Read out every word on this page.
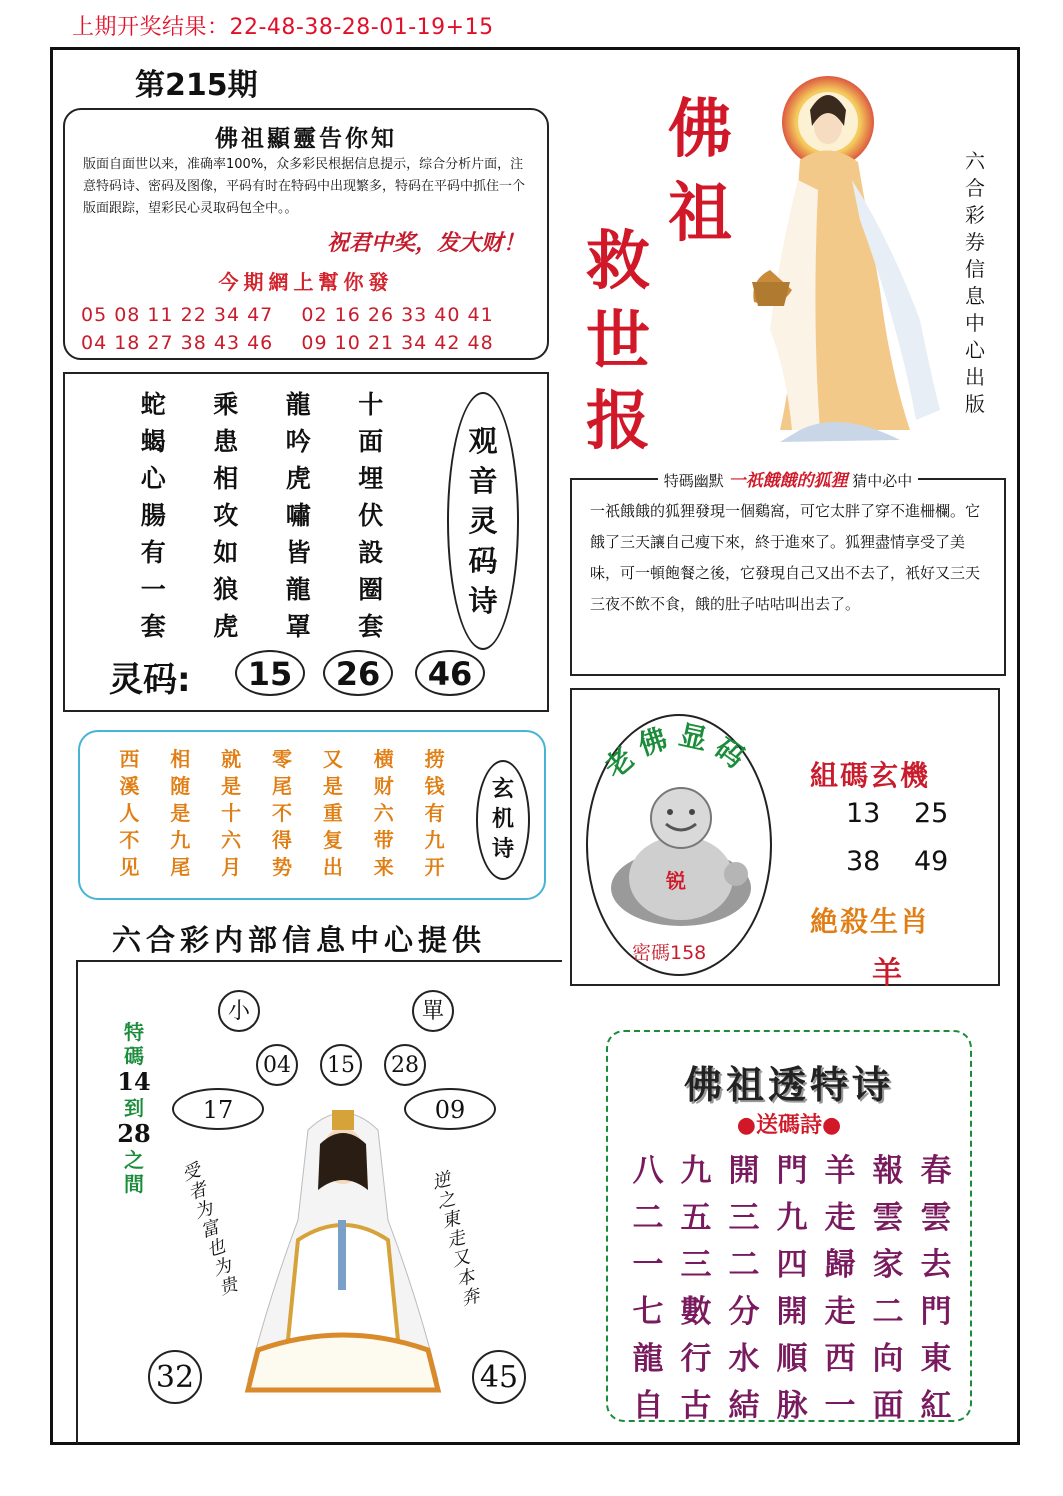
上期开奖结果：22-48-38-28-01-19+15
第215期
佛祖顯靈告你知
版面自面世以来，准确率100%，众多彩民根据信息提示，综合分析片面，注意特码诗、密码及图像，平码有时在特码中出现繁多，特码在平码中抓住一个版面跟踪，望彩民心灵取码包全中。。
祝君中奖，发大财！
今期網上幫你發
05 08 11 22 34 47    02 16 26 33 40 41
04 18 27 38 43 46    09 10 21 34 42 48
佛
祖
救
世
报
六合彩券信息中心出版
蛇	乘	龍	十
蝎	患	吟	面
心	相	虎	埋
腸	攻	嘯	伏
有	如	皆	設
一	狼	龍	圈
套	虎	罩	套
观
音
灵
码
诗
灵码:	15	26	46
特碼幽默 一祇餓餓的狐狸 猜中必中
一祇餓餓的狐狸發現一個鷄窩，可它太胖了穿不進柵欄。它餓了三天讓自己瘦下來，終于進來了。狐狸盡情享受了美味，可一頓飽餐之後，它發現自己又出不去了，衹好又三天三夜不飲不食，餓的肚子咕咕叫出去了。
老佛显码
锐
密碼158
組碼玄機
13 25
38 49
絶殺生肖
羊
西	相	就	零	又	横	捞
溪	随	是	尾	是	财	钱
人	是	十	不	重	六	有
不	九	六	得	复	带	九
见	尾	月	势	出	来	开
玄
机
诗
六合彩内部信息中心提供
小	單
04	15	28
17	09
特
碼
14
到
28
之
間	受者为富也为贵
逆之東走又本奔
32	45
佛祖透特诗
●送碼詩●
八 九 開 門 羊 報 春
二 五 三 九 走 雲 雲
一 三 二 四 歸 家 去
七 數 分 開 走 二 門
龍 行 水 順 西 向 東
自 古 結 脉 一 面 紅
